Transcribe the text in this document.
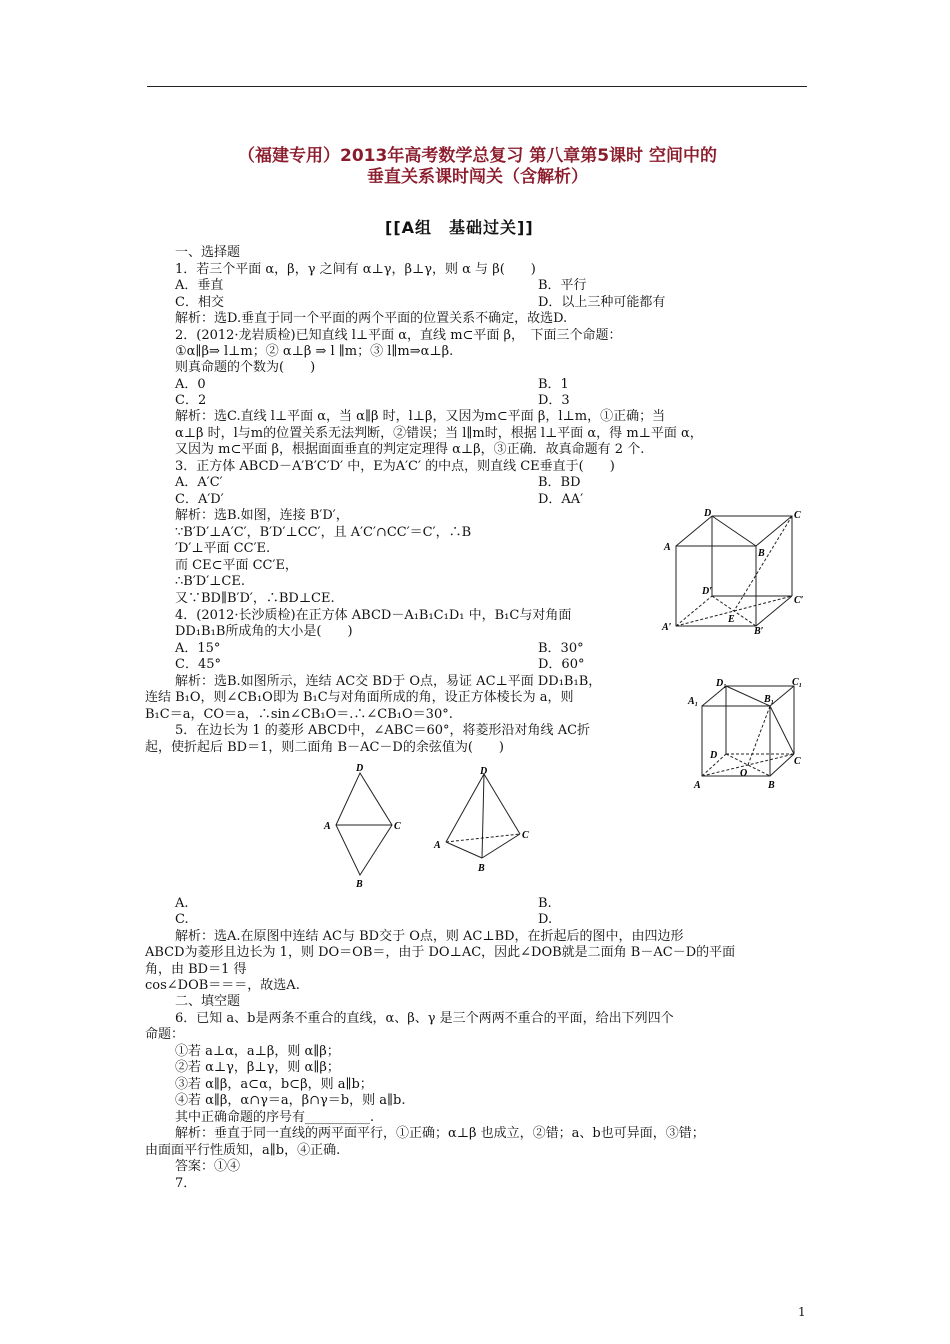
（福建专用）2013年高考数学总复习 第八章第5课时 空间中的
垂直关系课时闯关（含解析）
[[A组　基础过关]]
一、选择题
1．若三个平面 α，β，γ 之间有 α⊥γ，β⊥γ，则 α 与 β(　　)
A．垂直	B．平行
C．相交	D．以上三种可能都有
解析：选D.垂直于同一个平面的两个平面的位置关系不确定，故选D.
2．(2012·龙岩质检)已知直线 l⊥平面 α，直线 m⊂平面 β，　下面三个命题：
①α∥β⇒ l⊥m；② α⊥β ⇒ l ∥m；③ l∥m⇒α⊥β.
则真命题的个数为(　　)
A．0	B．1
C．2	D．3
解析：选C.直线 l⊥平面 α，当 α∥β 时，l⊥β，又因为m⊂平面 β，l⊥m，①正确；当
α⊥β 时，l与m的位置关系无法判断，②错误；当 l∥m时，根据 l⊥平面 α，得 m⊥平面 α，
又因为 m⊂平面 β，根据面面垂直的判定定理得 α⊥β，③正确．故真命题有 2 个.
3．正方体 ABCD－A′B′C′D′ 中，E为A′C′ 的中点，则直线 CE垂直于(　　)
A．A′C′	B．BD
C．A′D′	D．AA′
解析：选B.如图，连接 B′D′，
∵B′D′⊥A′C′，B′D′⊥CC′，且 A′C′∩CC′＝C′，∴B
′D′⊥平面 CC′E.
而 CE⊂平面 CC′E，
∴B′D′⊥CE.
又∵BD∥B′D′，∴BD⊥CE.
4．(2012·长沙质检)在正方体 ABCD－A₁B₁C₁D₁ 中，B₁C与对角面
DD₁B₁B所成角的大小是(　　)
A．15°	B．30°
C．45°	D．60°
解析：选B.如图所示，连结 AC交 BD于 O点，易证 AC⊥平面 DD₁B₁B，
连结 B₁O，则∠CB₁O即为 B₁C与对角面所成的角，设正方体棱长为 a，则
B₁C＝a，CO＝a，∴sin∠CB₁O＝.∴∠CB₁O＝30°.
5．在边长为 1 的菱形 ABCD中，∠ABC＝60°，将菱形沿对角线 AC折
起，使折起后 BD＝1，则二面角 B－AC－D的余弦值为(　　)
A.	B.
C.	D.
解析：选A.在原图中连结 AC与 BD交于 O点，则 AC⊥BD，在折起后的图中，由四边形
ABCD为菱形且边长为 1，则 DO＝OB＝，由于 DO⊥AC，因此∠DOB就是二面角 B－AC－D的平面
角，由 BD＝1 得
cos∠DOB＝＝＝，故选A.
二、填空题
6．已知 a、b是两条不重合的直线，α、β、γ 是三个两两不重合的平面，给出下列四个
命题：
①若 a⊥α，a⊥β，则 α∥β；
②若 α⊥γ，β⊥γ，则 α∥β；
③若 α∥β，a⊂α，b⊂β，则 a∥b；
④若 α∥β，α∩γ＝a，β∩γ＝b，则 a∥b.
其中正确命题的序号有__________.
解析：垂直于同一直线的两平面平行，①正确；α⊥β 也成立，②错；a、b也可异面，③错；
由面面平行性质知，a∥b，④正确.
答案：①④
7．
D	C
A
B
D′
C′
A′
E
B′
D₁	C₁
A₁	B₁
D
C
A	B
O
D
A	C
B
D
A
C
B
1
